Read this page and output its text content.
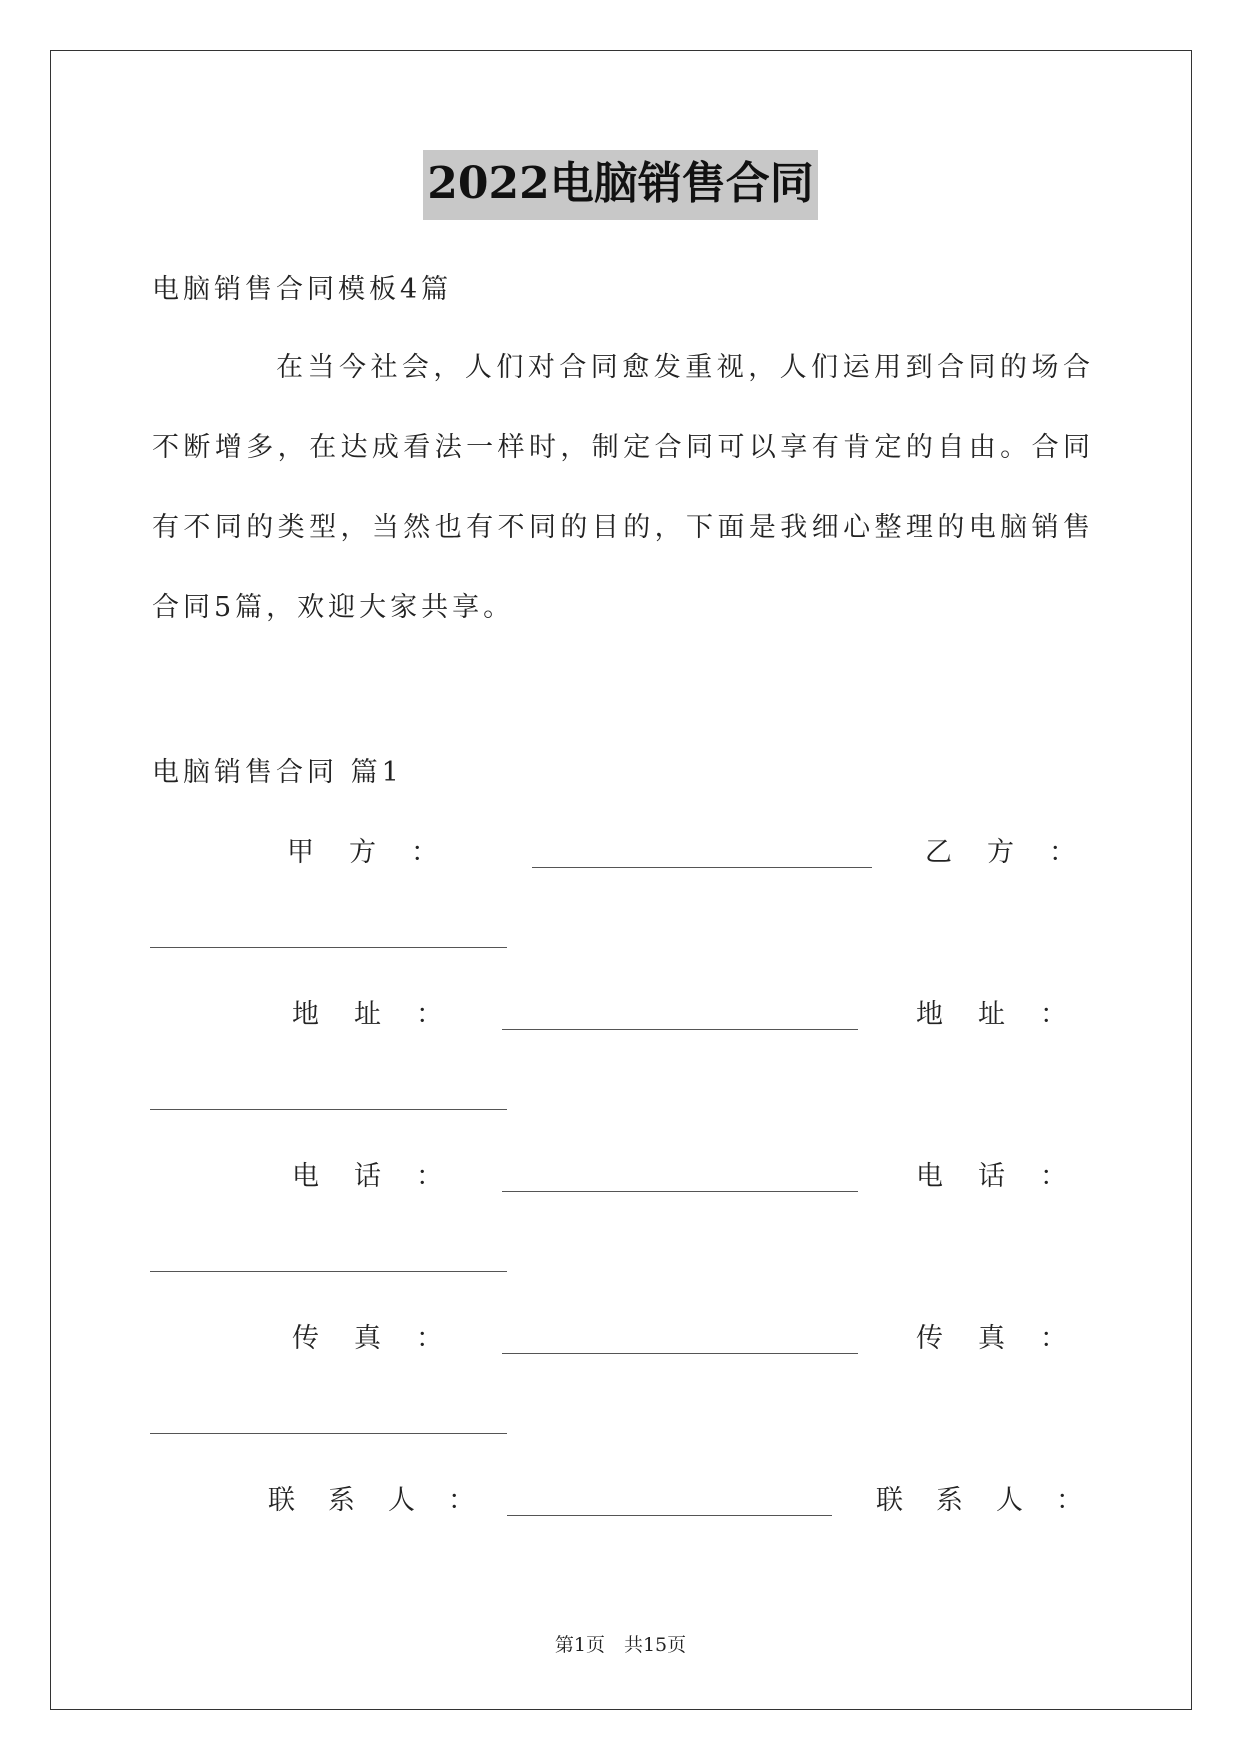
2022电脑销售合同
电脑销售合同模板4篇
在当今社会，人们对合同愈发重视，人们运用到合同的场合
不断增多，在达成看法一样时，制定合同可以享有肯定的自由。合同
有不同的类型，当然也有不同的目的，下面是我细心整理的电脑销售
合同5篇，欢迎大家共享。
电脑销售合同 篇1
甲　方　：	乙　方　：
地　址　：	地　址　：
电　话　：	电　话　：
传　真　：	传　真　：
联　系　人　：	联　系　人　：
第1页　共15页
